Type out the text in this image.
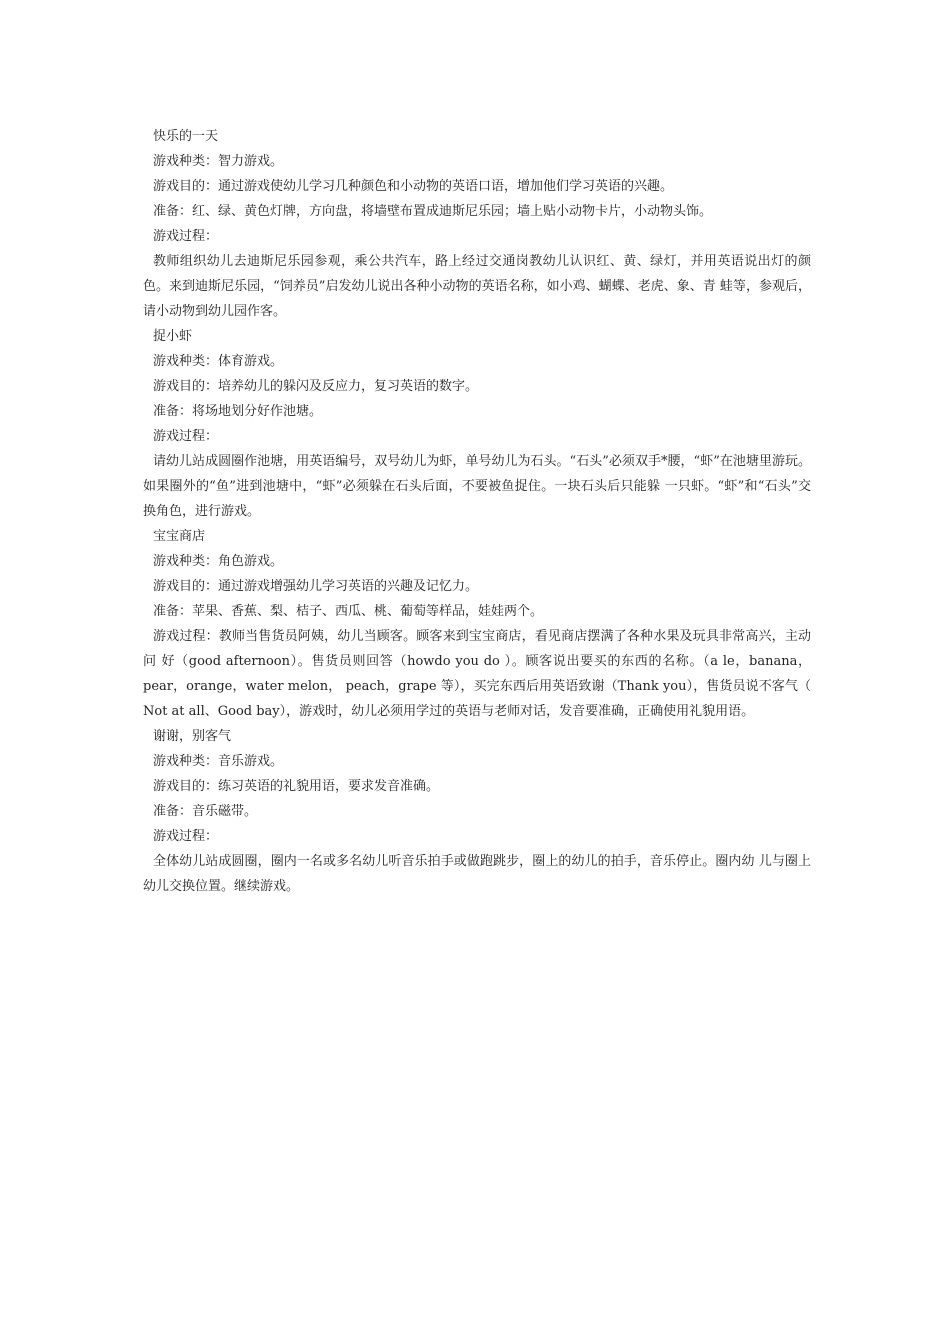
快乐的一天

游戏种类：智力游戏。

游戏目的：通过游戏使幼儿学习几种颜色和小动物的英语口语，增加他们学习英语的兴趣。

准备：红、绿、黄色灯牌，方向盘，将墙壁布置成迪斯尼乐园；墙上贴小动物卡片，小动物头饰。

游戏过程：

教师组织幼儿去迪斯尼乐园参观，乘公共汽车，路上经过交通岗教幼儿认识红、黄、绿灯，并用英语说出灯的颜色。来到迪斯尼乐园，“饲养员”启发幼儿说出各种小动物的英语名称，如小鸡、蝴蝶、老虎、象、青 蛙等，参观后，请小动物到幼儿园作客。

捉小虾

游戏种类：体育游戏。

游戏目的：培养幼儿的躲闪及反应力，复习英语的数字。

准备：将场地划分好作池塘。

游戏过程：

请幼儿站成圆圈作池塘，用英语编号，双号幼儿为虾，单号幼儿为石头。“石头”必须双手*腰，“虾”在池塘里游玩。如果圈外的“鱼”进到池塘中，“虾”必须躲在石头后面，不要被鱼捉住。一块石头后只能躲 一只虾。“虾”和“石头”交换角色，进行游戏。

宝宝商店

游戏种类：角色游戏。

游戏目的：通过游戏增强幼儿学习英语的兴趣及记忆力。

准备：苹果、香蕉、梨、桔子、西瓜、桃、葡萄等样品，娃娃两个。

游戏过程：教师当售货员阿姨，幼儿当顾客。顾客来到宝宝商店，看见商店摆满了各种水果及玩具非常高兴，主动问 好（good afternoon）。售货员则回答（howdo you do ）。顾客说出要买的东西的名称。（a le，banana， pear，orange，water melon， peach，grape 等），买完东西后用英语致谢（Thank you），售货员说不客气（ Not at all、Good bay），游戏时，幼儿必须用学过的英语与老师对话，发音要准确，正确使用礼貌用语。

谢谢，别客气

游戏种类：音乐游戏。

游戏目的：练习英语的礼貌用语，要求发音准确。

准备：音乐磁带。

游戏过程：

全体幼儿站成圆圈，圈内一名或多名幼儿听音乐拍手或做跑跳步，圈上的幼儿的拍手，音乐停止。圈内幼 儿与圈上幼儿交换位置。继续游戏。
